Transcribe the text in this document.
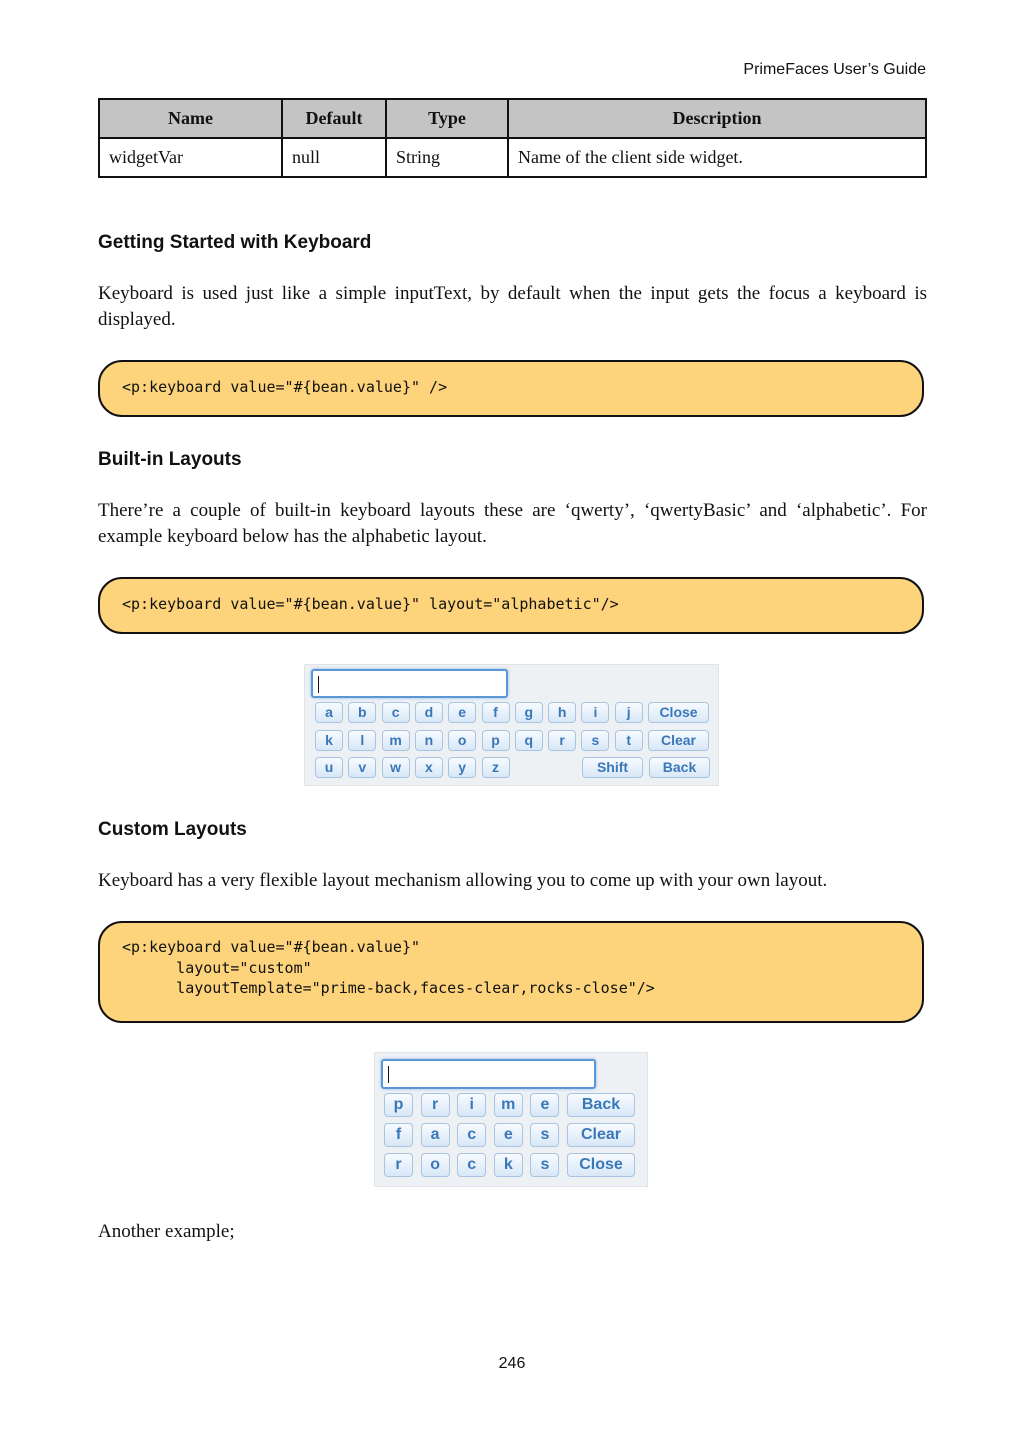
PrimeFaces User’s Guide
Name	Default	Type	Description
widgetVar	null	String	Name of the client side widget.
Getting Started with Keyboard
Keyboard is used just like a simple inputText, by default when the input gets the focus a keyboard is displayed.
<p:keyboard value="#{bean.value}" />
Built-in Layouts
There’re a couple of built-in keyboard layouts these are ‘qwerty’, ‘qwertyBasic’ and ‘alphabetic’. For example keyboard below has the alphabetic layout.
<p:keyboard value="#{bean.value}" layout="alphabetic"/>
a	b	c	d	e	f	g	h	i	j	Close
k	l	m	n	o	p	q	r	s	t	Clear
u	v	w	x	y	z	Shift	Back
Custom Layouts
Keyboard has a very flexible layout mechanism allowing you to come up with your own layout.
<p:keyboard value="#{bean.value}"
layout="custom"
layoutTemplate="prime-back,faces-clear,rocks-close"/>
p	r	i	m	e	Back
f	a	c	e	s	Clear
r	o	c	k	s	Close
Another example;
246
